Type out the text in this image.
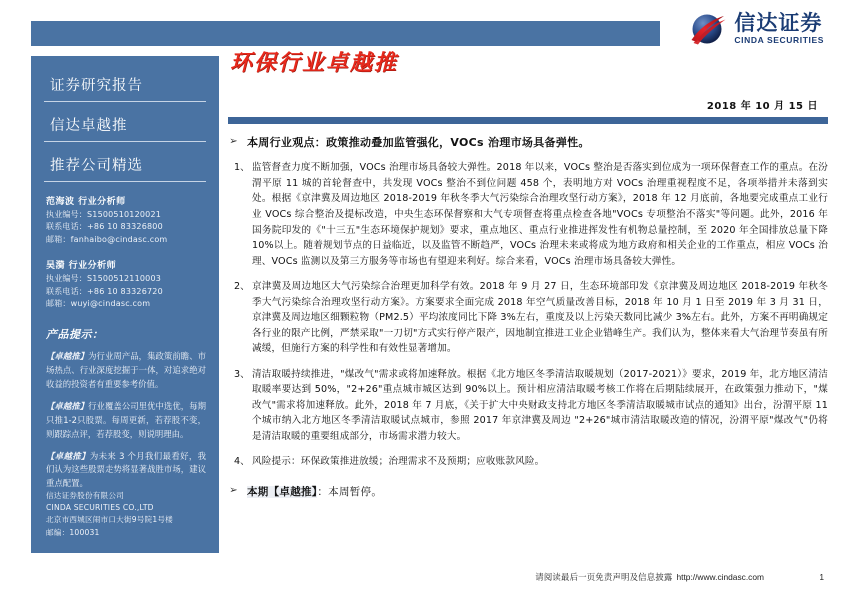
信达证券
CINDA SECURITIES
证券研究报告
信达卓越推
推荐公司精选
范海波 行业分析师
执业编号：S1500510120021
联系电话：+86 10 83326800
邮箱：fanhaibo@cindasc.com
吴漪 行业分析师
执业编号：S1500512110003
联系电话：+86 10 83326720
邮箱：wuyi@cindasc.com
产品提示：
【卓越推】为行业周产品，集政策前瞻、市场热点、行业深度挖掘于一体，对追求绝对收益的投资者有重要参考价值。
【卓越推】行业覆盖公司里优中选优，每期只推1-2只股票。每周更新，若荐股不变，则跟踪点评，若荐股变，则说明理由。
【卓越推】为未来 3 个月我们最看好，我们认为这些股票走势将显著战胜市场，建议重点配置。
信达证券股份有限公司
CINDA SECURITIES CO.,LTD
北京市西城区闹市口大街9号院1号楼
邮编：100031
环保行业卓越推
2018 年 10 月 15 日
➢ 本周行业观点：政策推动叠加监管强化，VOCs 治理市场具备弹性。
1、 监管督查力度不断加强，VOCs 治理市场具备较大弹性。2018 年以来，VOCs 整治是否落实到位成为一项环保督查工作的重点。在汾渭平原 11 城的首轮督查中，共发现 VOCs 整治不到位问题 458 个，表明地方对 VOCs 治理重视程度不足，各项举措并未落到实处。根据《京津冀及周边地区 2018-2019 年秋冬季大气污染综合治理攻坚行动方案》，2018 年 12 月底前，各地要完成重点工业行业 VOCs 综合整治及提标改造，中央生态环保督察和大气专项督查将重点检查各地"VOCs 专项整治不落实"等问题。此外，2016 年国务院印发的《"十三五"生态环境保护规划》要求，重点地区、重点行业推进挥发性有机物总量控制，至 2020 年全国排放总量下降 10%以上。随着规划节点的日益临近，以及监管不断趋严，VOCs 治理未来或将成为地方政府和相关企业的工作重点，相应 VOCs 治理、VOCs 监测以及第三方服务等市场也有望迎来利好。综合来看，VOCs 治理市场具备较大弹性。
2、 京津冀及周边地区大气污染综合治理更加科学有效。2018 年 9 月 27 日，生态环境部印发《京津冀及周边地区 2018-2019 年秋冬季大气污染综合治理攻坚行动方案》。方案要求全面完成 2018 年空气质量改善目标，2018 年 10 月 1 日至 2019 年 3 月 31 日，京津冀及周边地区细颗粒物（PM2.5）平均浓度同比下降 3%左右，重度及以上污染天数同比减少 3%左右。此外，方案不再明确规定各行业的限产比例，严禁采取"一刀切"方式实行停产限产，因地制宜推进工业企业错峰生产。我们认为，整体来看大气治理节奏虽有所减缓，但施行方案的科学性和有效性显著增加。
3、 清洁取暖持续推进，"煤改气"需求或将加速释放。根据《北方地区冬季清洁取暖规划（2017-2021）》要求，2019 年，北方地区清洁取暖率要达到 50%，"2+26"重点城市城区达到 90%以上。预计相应清洁取暖考核工作将在后期陆续展开，在政策强力推动下，"煤改气"需求将加速释放。此外，2018 年 7 月底，《关于扩大中央财政支持北方地区冬季清洁取暖城市试点的通知》出台，汾渭平原 11 个城市纳入北方地区冬季清洁取暖试点城市，参照 2017 年京津冀及周边 "2+26"城市清洁取暖改造的情况，汾渭平原"煤改气"仍将是清洁取暖的重要组成部分，市场需求潜力较大。
4、 风险提示：环保政策推进放缓；治理需求不及预期；应收账款风险。
➢ 本期【卓越推】：本周暂停。
请阅读最后一页免责声明及信息披露 http://www.cindasc.com	1
